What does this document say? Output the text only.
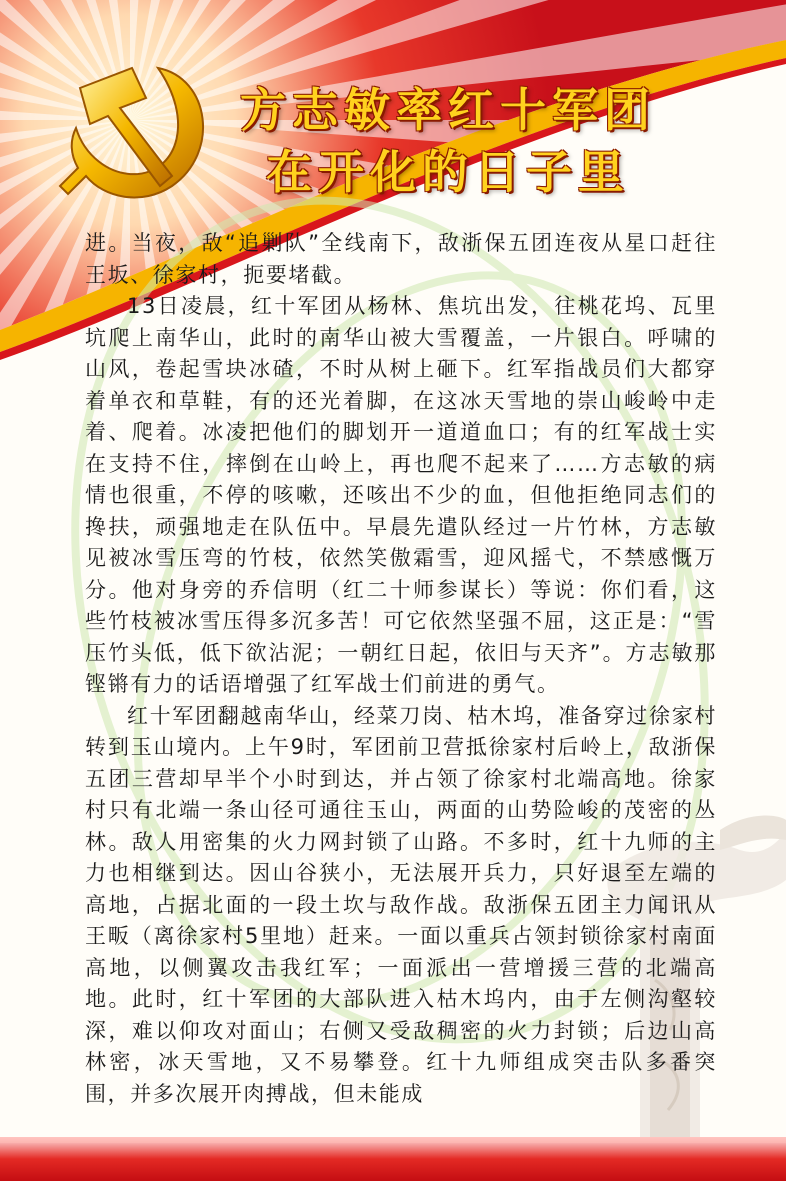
方志敏率红十军团
在开化的日子里

进。当夜，敌“追剿队”全线南下，敌浙保五团连夜从星口赶往王坂、徐家村，扼要堵截。

13日凌晨，红十军团从杨林、焦坑出发，往桃花坞、瓦里坑爬上南华山，此时的南华山被大雪覆盖，一片银白。呼啸的山风，卷起雪块冰碴，不时从树上砸下。红军指战员们大都穿着单衣和草鞋，有的还光着脚，在这冰天雪地的崇山峻岭中走着、爬着。冰凌把他们的脚划开一道道血口；有的红军战士实在支持不住，摔倒在山岭上，再也爬不起来了……方志敏的病情也很重，不停的咳嗽，还咳出不少的血，但他拒绝同志们的搀扶，顽强地走在队伍中。早晨先遣队经过一片竹林，方志敏见被冰雪压弯的竹枝，依然笑傲霜雪，迎风摇弋，不禁感慨万分。他对身旁的乔信明（红二十师参谋长）等说：你们看，这些竹枝被冰雪压得多沉多苦！可它依然坚强不屈，这正是：“雪压竹头低，低下欲沾泥；一朝红日起，依旧与天齐”。方志敏那铿锵有力的话语增强了红军战士们前进的勇气。

红十军团翻越南华山，经菜刀岗、枯木坞，准备穿过徐家村转到玉山境内。上午9时，军团前卫营抵徐家村后岭上，敌浙保五团三营却早半个小时到达，并占领了徐家村北端高地。徐家村只有北端一条山径可通往玉山，两面的山势险峻的茂密的丛林。敌人用密集的火力网封锁了山路。不多时，红十九师的主力也相继到达。因山谷狭小，无法展开兵力，只好退至左端的高地，占据北面的一段土坎与敌作战。敌浙保五团主力闻讯从王畈（离徐家村5里地）赶来。一面以重兵占领封锁徐家村南面高地，以侧翼攻击我红军；一面派出一营增援三营的北端高地。此时，红十军团的大部队进入枯木坞内，由于左侧沟壑较深，难以仰攻对面山；右侧又受敌稠密的火力封锁；后边山高林密，冰天雪地，又不易攀登。红十九师组成突击队多番突围，并多次展开肉搏战，但未能成
